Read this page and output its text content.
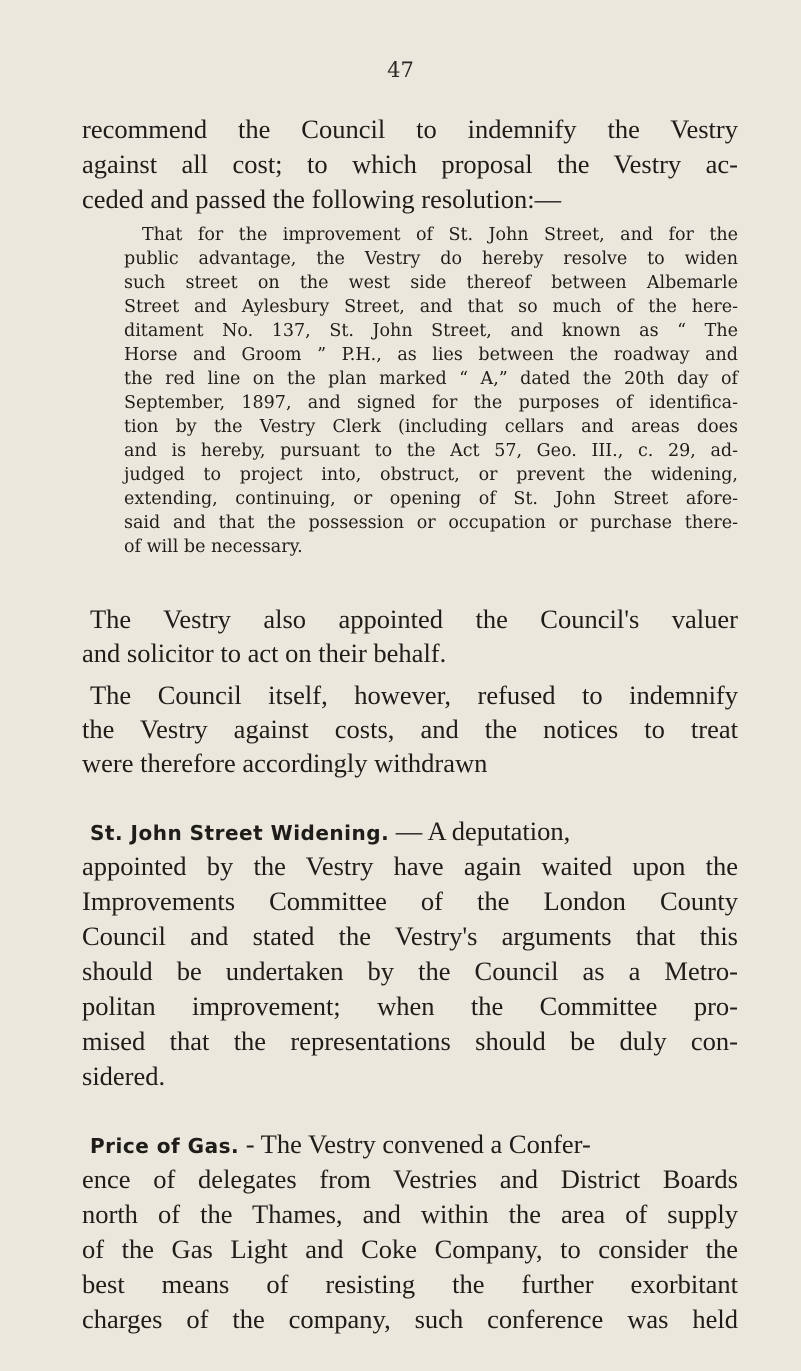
47
recommend the Council to indemnify the Vestry
against all cost; to which proposal the Vestry ac-
ceded and passed the following resolution:—
That for the improvement of St. John Street, and for the
public advantage, the Vestry do hereby resolve to widen
such street on the west side thereof between Albemarle
Street and Aylesbury Street, and that so much of the here-
ditament No. 137, St. John Street, and known as “ The
Horse and Groom ” P.H., as lies between the roadway and
the red line on the plan marked “ A,” dated the 20th day of
September, 1897, and signed for the purposes of identifica-
tion by the Vestry Clerk (including cellars and areas does
and is hereby, pursuant to the Act 57, Geo. III., c. 29, ad-
judged to project into, obstruct, or prevent the widening,
extending, continuing, or opening of St. John Street afore-
said and that the possession or occupation or purchase there-
of will be necessary.
The Vestry also appointed the Council's valuer
and solicitor to act on their behalf.
The Council itself, however, refused to indemnify
the Vestry against costs, and the notices to treat
were therefore accordingly withdrawn
St. John Street Widening. — A deputation,
appointed by the Vestry have again waited upon the
Improvements Committee of the London County
Council and stated the Vestry's arguments that this
should be undertaken by the Council as a Metro-
politan improvement; when the Committee pro-
mised that the representations should be duly con-
sidered.
Price of Gas. - The Vestry convened a Confer-
ence of delegates from Vestries and District Boards
north of the Thames, and within the area of supply
of the Gas Light and Coke Company, to consider the
best means of resisting the further exorbitant
charges of the company, such conference was held
